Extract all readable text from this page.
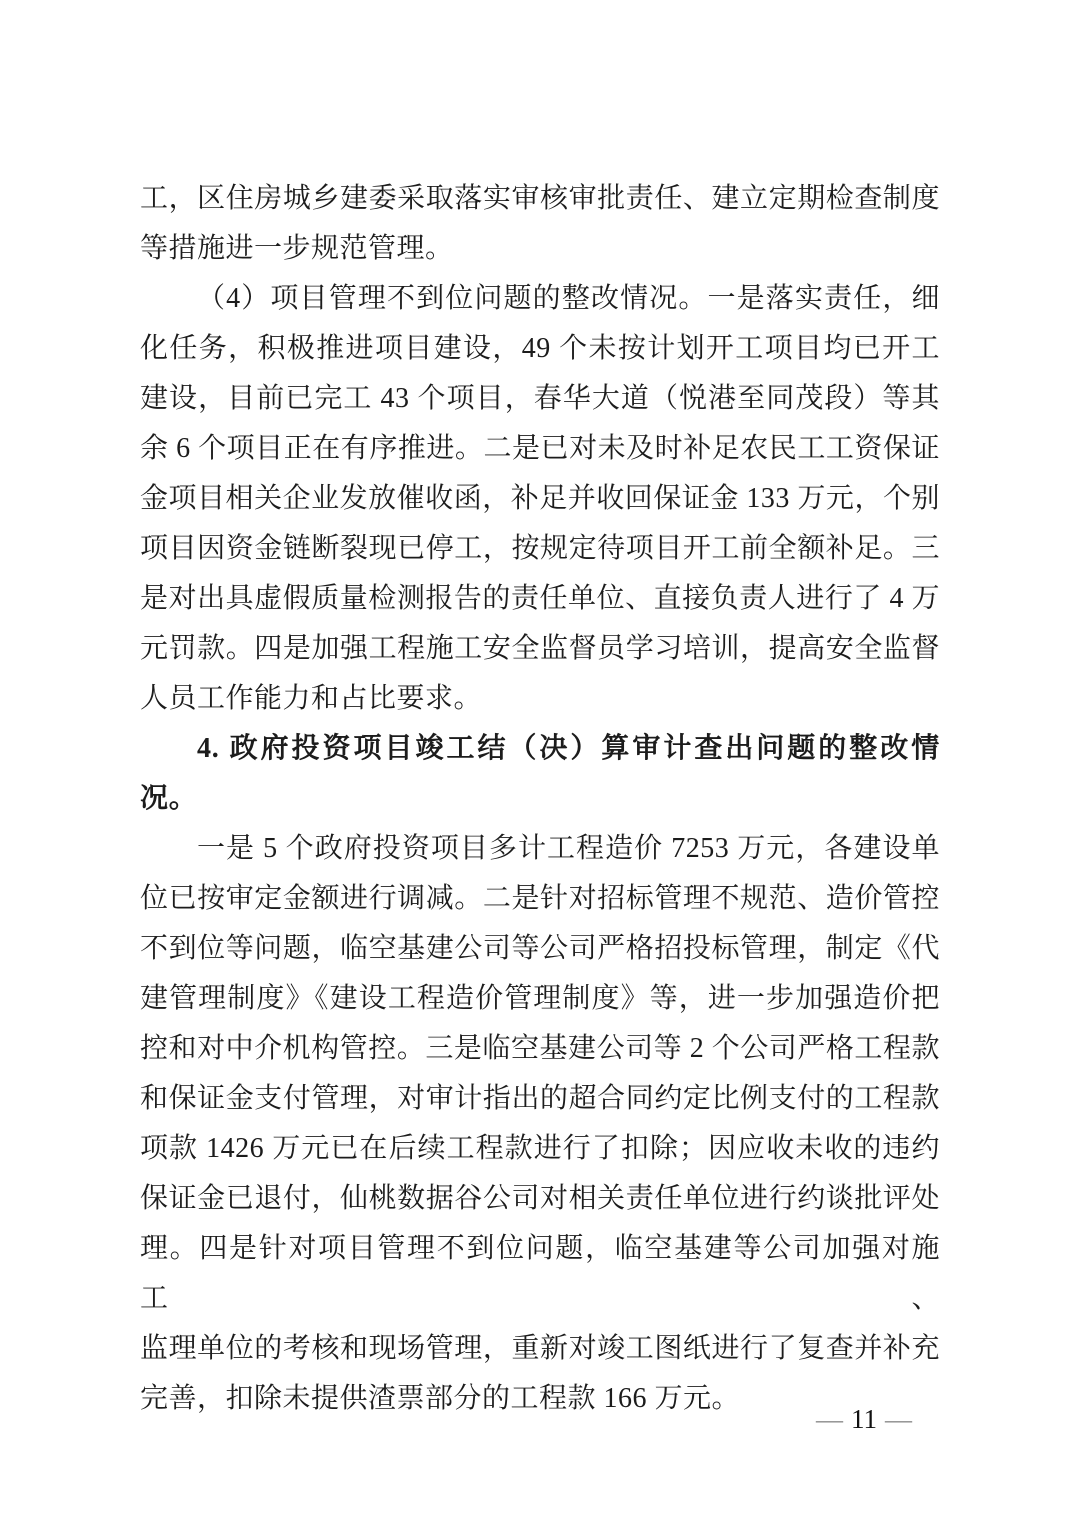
工，区住房城乡建委采取落实审核审批责任、建立定期检查制度
等措施进一步规范管理。
（4）项目管理不到位问题的整改情况。一是落实责任，细
化任务，积极推进项目建设，49 个未按计划开工项目均已开工
建设，目前已完工 43 个项目，春华大道（悦港至同茂段）等其
余 6 个项目正在有序推进。二是已对未及时补足农民工工资保证
金项目相关企业发放催收函，补足并收回保证金 133 万元，个别
项目因资金链断裂现已停工，按规定待项目开工前全额补足。三
是对出具虚假质量检测报告的责任单位、直接负责人进行了 4 万
元罚款。四是加强工程施工安全监督员学习培训，提高安全监督
人员工作能力和占比要求。
4. 政府投资项目竣工结（决）算审计查出问题的整改情况。
一是 5 个政府投资项目多计工程造价 7253 万元，各建设单
位已按审定金额进行调减。二是针对招标管理不规范、造价管控
不到位等问题，临空基建公司等公司严格招投标管理，制定《代
建管理制度》《建设工程造价管理制度》等，进一步加强造价把
控和对中介机构管控。三是临空基建公司等 2 个公司严格工程款
和保证金支付管理，对审计指出的超合同约定比例支付的工程款
项款 1426 万元已在后续工程款进行了扣除；因应收未收的违约
保证金已退付，仙桃数据谷公司对相关责任单位进行约谈批评处
理。四是针对项目管理不到位问题，临空基建等公司加强对施工、
监理单位的考核和现场管理，重新对竣工图纸进行了复查并补充
完善，扣除未提供渣票部分的工程款 166 万元。
— 11 —
